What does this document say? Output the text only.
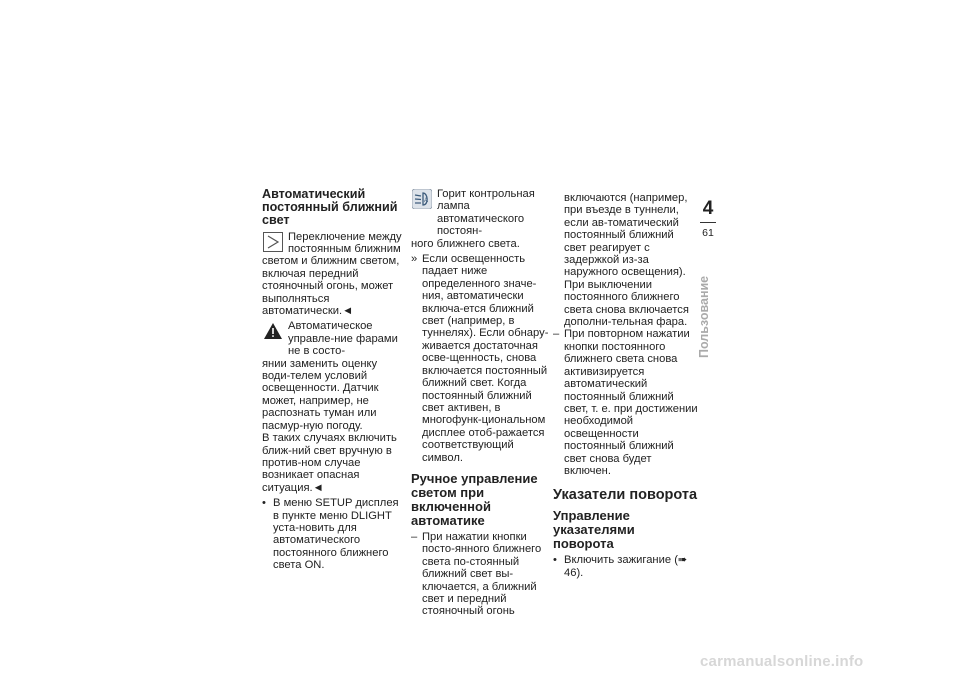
Автоматический постоянный ближний свет

Переключение между постоянным ближним

светом и ближним светом, включая передний стояночный огонь, может выполняться автоматически.◄

Автоматическое управле-ние фарами не в состо-

янии заменить оценку води-телем условий освещенности. Датчик может, например, не распознать туман или пасмур-ную погоду.

В таких случаях включить ближ-ний свет вручную в против-ном случае возникает опасная ситуация.◄

• В меню SETUP дисплея в пункте меню DLIGHT уста-новить для автоматического постоянного ближнего света ON.

A

Горит контрольная лампа автоматического постоян-

ного ближнего света.

» Если освещенность падает ниже определенного значе-ния, автоматически включа-ется ближний свет (например, в туннелях). Если обнару-живается достаточная осве-щенность, снова включается постоянный ближний свет. Когда постоянный ближний свет активен, в многофунк-циональном дисплее отоб-ражается соответствующий символ.

Ручное управление светом при включенной автоматике
– При нажатии кнопки посто-янного ближнего света по-стоянный ближний свет вы-ключается, а ближний свет и передний стояночный огонь

включаются (например, при въезде в туннели, если ав-томатический постоянный ближний свет реагирует с задержкой из-за наружного освещения). При выключении постоянного ближнего света снова включается дополни-тельная фара.

– При повторном нажатии кнопки постоянного ближнего света снова активизируется автоматический постоянный ближний свет, т. е. при достижении необходимой освещенности постоянный ближний свет снова будет включен.

Указатели поворота
Управление указателями поворота
• Включить зажигание (➠ 46).

4
61
Пользование
carmanualsonline.info
